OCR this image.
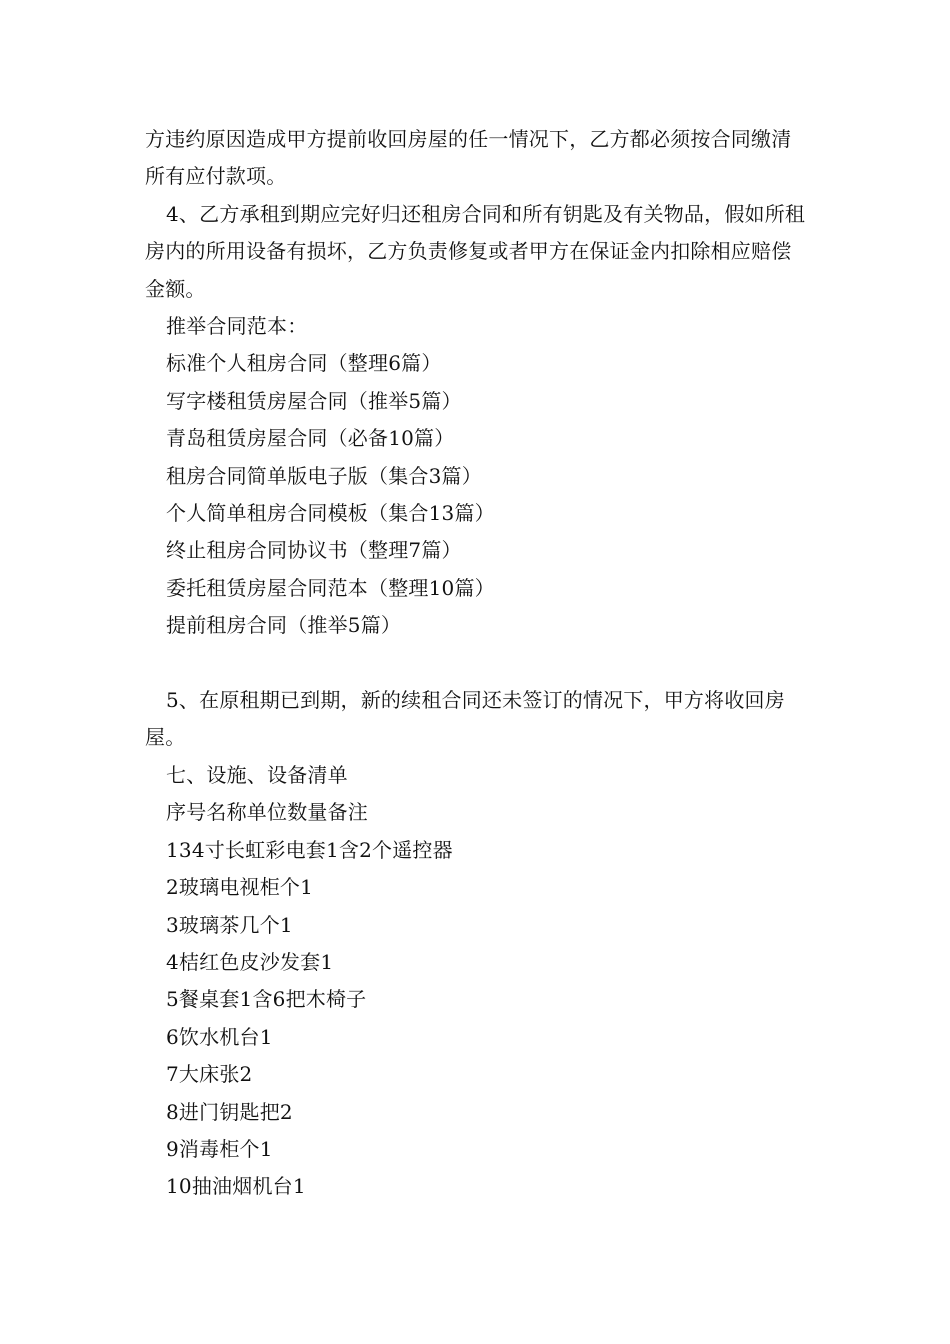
方违约原因造成甲方提前收回房屋的任一情况下，乙方都必须按合同缴清所有应付款项。

4、乙方承租到期应完好归还租房合同和所有钥匙及有关物品，假如所租房内的所用设备有损坏，乙方负责修复或者甲方在保证金内扣除相应赔偿金额。

推举合同范本：

标准个人租房合同（整理6篇）

写字楼租赁房屋合同（推举5篇）

青岛租赁房屋合同（必备10篇）

租房合同简单版电子版（集合3篇）

个人简单租房合同模板（集合13篇）

终止租房合同协议书（整理7篇）

委托租赁房屋合同范本（整理10篇）

提前租房合同（推举5篇）

5、在原租期已到期，新的续租合同还未签订的情况下，甲方将收回房屋。

七、设施、设备清单

序号名称单位数量备注

134寸长虹彩电套1含2个遥控器

2玻璃电视柜个1

3玻璃茶几个1

4桔红色皮沙发套1

5餐桌套1含6把木椅子

6饮水机台1

7大床张2

8进门钥匙把2

9消毒柜个1

10抽油烟机台1
